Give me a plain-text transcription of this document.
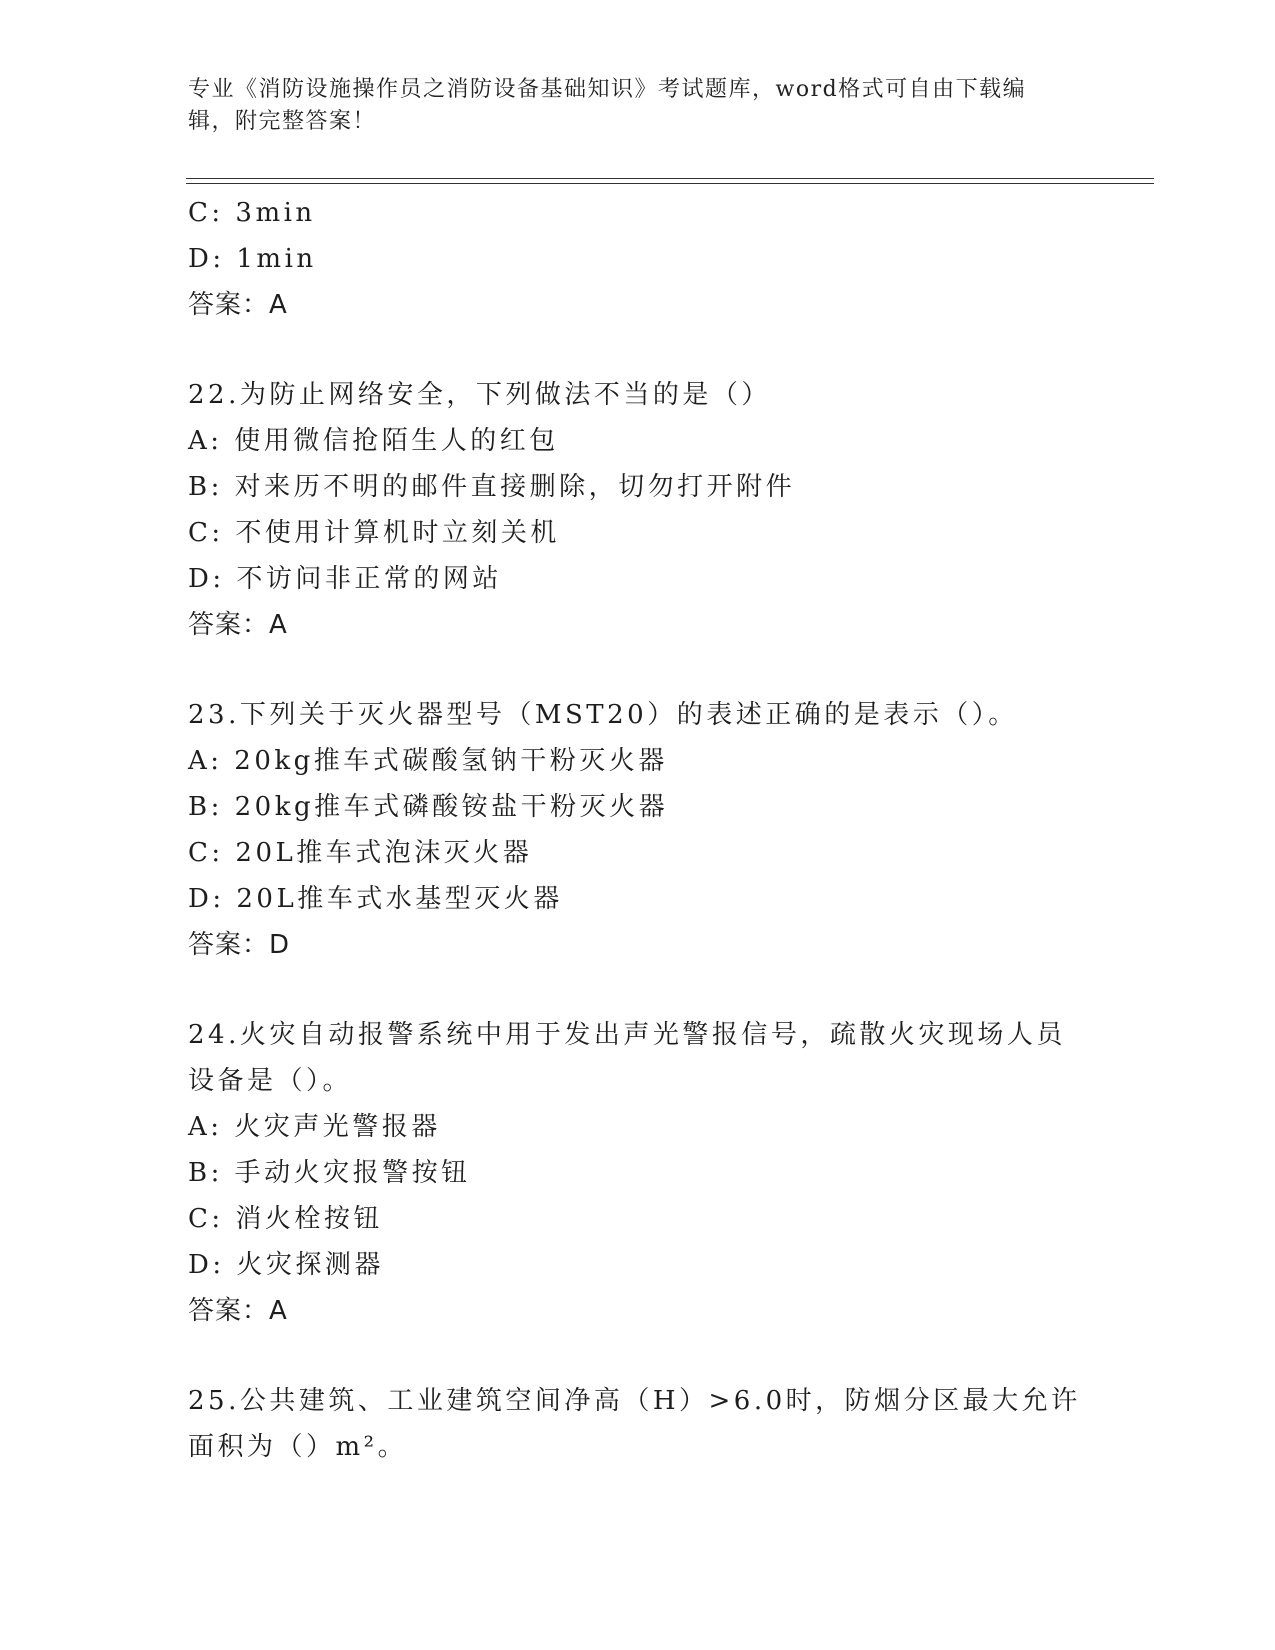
专业《消防设施操作员之消防设备基础知识》考试题库，word格式可自由下载编辑，附完整答案！
C: 3min
D: 1min
答案：A
22.为防止网络安全，下列做法不当的是（）
A: 使用微信抢陌生人的红包
B: 对来历不明的邮件直接删除，切勿打开附件
C: 不使用计算机时立刻关机
D: 不访问非正常的网站
答案：A
23.下列关于灭火器型号（MST20）的表述正确的是表示（）。
A: 20kg推车式碳酸氢钠干粉灭火器
B: 20kg推车式磷酸铵盐干粉灭火器
C: 20L推车式泡沫灭火器
D: 20L推车式水基型灭火器
答案：D
24.火灾自动报警系统中用于发出声光警报信号，疏散火灾现场人员设备是（）。
A: 火灾声光警报器
B: 手动火灾报警按钮
C: 消火栓按钮
D: 火灾探测器
答案：A
25.公共建筑、工业建筑空间净高（H）>6.0时，防烟分区最大允许面积为（）m²。
